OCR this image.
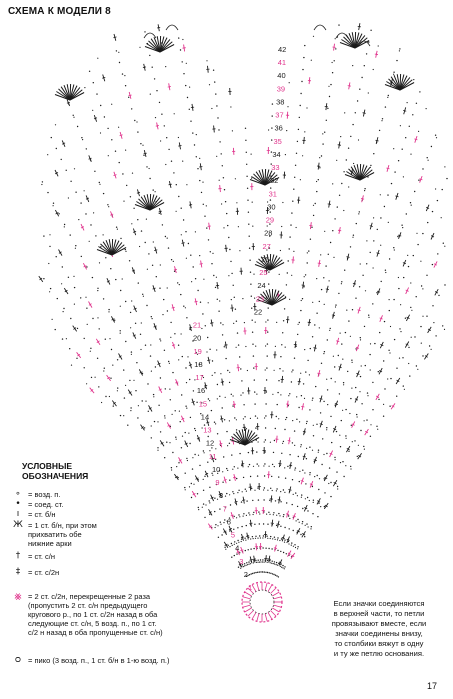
СХЕМА К МОДЕЛИ 8
1
2
3
4
5
6
7
8
9
10
11
12
13
14
15
16
17
18
19
20
21
22
23
24
25
26
27
28
29
30
31
32
33
34
35
36
37
38
39
40
41
42
УСЛОВНЫЕ
ОБОЗНАЧЕНИЯ
∘ = возд. п.
• = соед. ст.
ı	= ст. б/н
Ж = 1 ст. б/н, при этом
прихватить обе
нижние арки
†	= ст. с/н
‡	= ст. с/2н
⨳ = 2 ст. с/2н, перекрещенные 2 раза
(пропустить 2 ст. с/н предыдущего
кругового р., по 1 ст. с/2н назад в оба
следующие ст. с/н, 5 возд. п., по 1 ст.
с/2 н назад в оба пропущенные ст. с/н)
ᴑ = пико (3 возд. п., 1 ст. б/н в 1-ю возд. п.)
Если значки соединяются
в верхней части, то петли
провязывают вместе, если
значки соединены внизу,
то столбики вяжут в одну
и ту же петлю основания.
17
